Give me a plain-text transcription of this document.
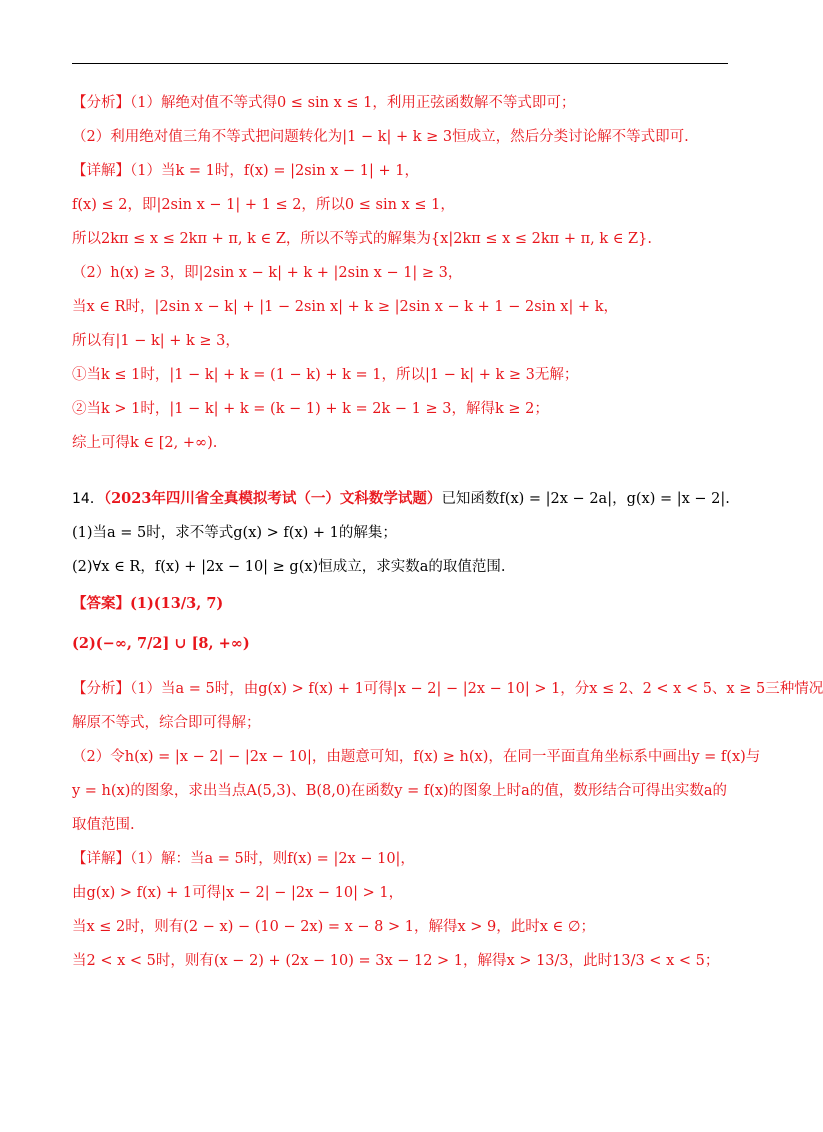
【分析】（1）解绝对值不等式得0 ≤ sin x ≤ 1，利用正弦函数解不等式即可；
（2）利用绝对值三角不等式把问题转化为|1 − k| + k ≥ 3恒成立，然后分类讨论解不等式即可.
【详解】（1）当k = 1时，f(x) = |2sin x − 1| + 1，
f(x) ≤ 2，即|2sin x − 1| + 1 ≤ 2，所以0 ≤ sin x ≤ 1，
所以2kπ ≤ x ≤ 2kπ + π, k ∈ Z，所以不等式的解集为{x|2kπ ≤ x ≤ 2kπ + π, k ∈ Z}.
（2）h(x) ≥ 3，即|2sin x − k| + k + |2sin x − 1| ≥ 3，
当x ∈ R时，|2sin x − k| + |1 − 2sin x| + k ≥ |2sin x − k + 1 − 2sin x| + k，
所以有|1 − k| + k ≥ 3，
①当k ≤ 1时，|1 − k| + k = (1 − k) + k = 1，所以|1 − k| + k ≥ 3无解；
②当k > 1时，|1 − k| + k = (k − 1) + k = 2k − 1 ≥ 3，解得k ≥ 2；
综上可得k ∈ [2, +∞).
14．（2023年四川省全真模拟考试（一）文科数学试题）已知函数f(x) = |2x − 2a|，g(x) = |x − 2|.
(1)当a = 5时，求不等式g(x) > f(x) + 1的解集；
(2)∀x ∈ R，f(x) + |2x − 10| ≥ g(x)恒成立，求实数a的取值范围.
【答案】(1)(13/3, 7)
(2)(−∞, 7/2] ∪ [8, +∞)
【分析】（1）当a = 5时，由g(x) > f(x) + 1可得|x − 2| − |2x − 10| > 1，分x ≤ 2、2 < x < 5、x ≥ 5三种情况
解原不等式，综合即可得解；
（2）令h(x) = |x − 2| − |2x − 10|，由题意可知，f(x) ≥ h(x)，在同一平面直角坐标系中画出y = f(x)与
y = h(x)的图象，求出当点A(5,3)、B(8,0)在函数y = f(x)的图象上时a的值，数形结合可得出实数a的
取值范围.
【详解】（1）解：当a = 5时，则f(x) = |2x − 10|，
由g(x) > f(x) + 1可得|x − 2| − |2x − 10| > 1，
当x ≤ 2时，则有(2 − x) − (10 − 2x) = x − 8 > 1，解得x > 9，此时x ∈ ∅；
当2 < x < 5时，则有(x − 2) + (2x − 10) = 3x − 12 > 1，解得x > 13/3，此时13/3 < x < 5；
